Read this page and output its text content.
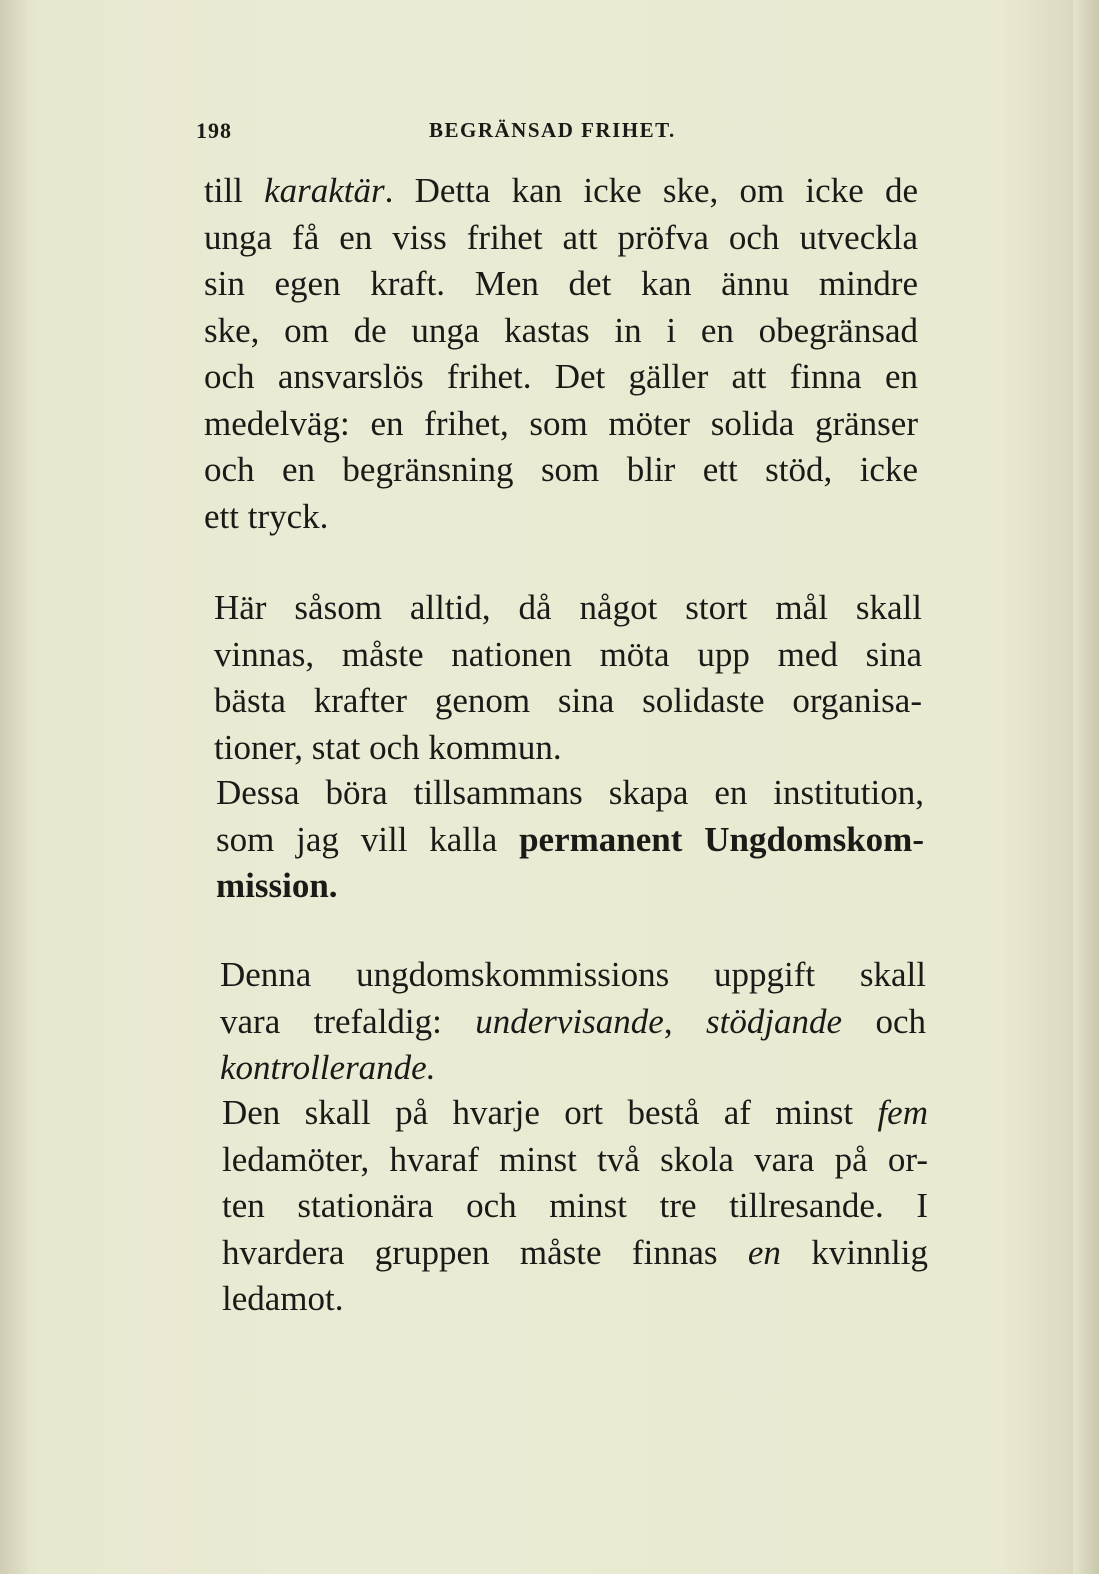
198	BEGRÄNSAD FRIHET.
till karaktär. Detta kan icke ske, om icke de
unga få en viss frihet att pröfva och utveckla
sin egen kraft. Men det kan ännu mindre
ske, om de unga kastas in i en obegränsad
och ansvarslös frihet. Det gäller att finna en
medelväg: en frihet, som möter solida gränser
och en begränsning som blir ett stöd, icke
ett tryck.
Här såsom alltid, då något stort mål skall
vinnas, måste nationen möta upp med sina
bästa krafter genom sina solidaste organisa-
tioner, stat och kommun.
Dessa böra tillsammans skapa en institution,
som jag vill kalla permanent Ungdomskom-
mission.
Denna ungdomskommissions uppgift skall
vara trefaldig: undervisande, stödjande och
kontrollerande.
Den skall på hvarje ort bestå af minst fem
ledamöter, hvaraf minst två skola vara på or-
ten stationära och minst tre tillresande. I
hvardera gruppen måste finnas en kvinnlig
ledamot.
